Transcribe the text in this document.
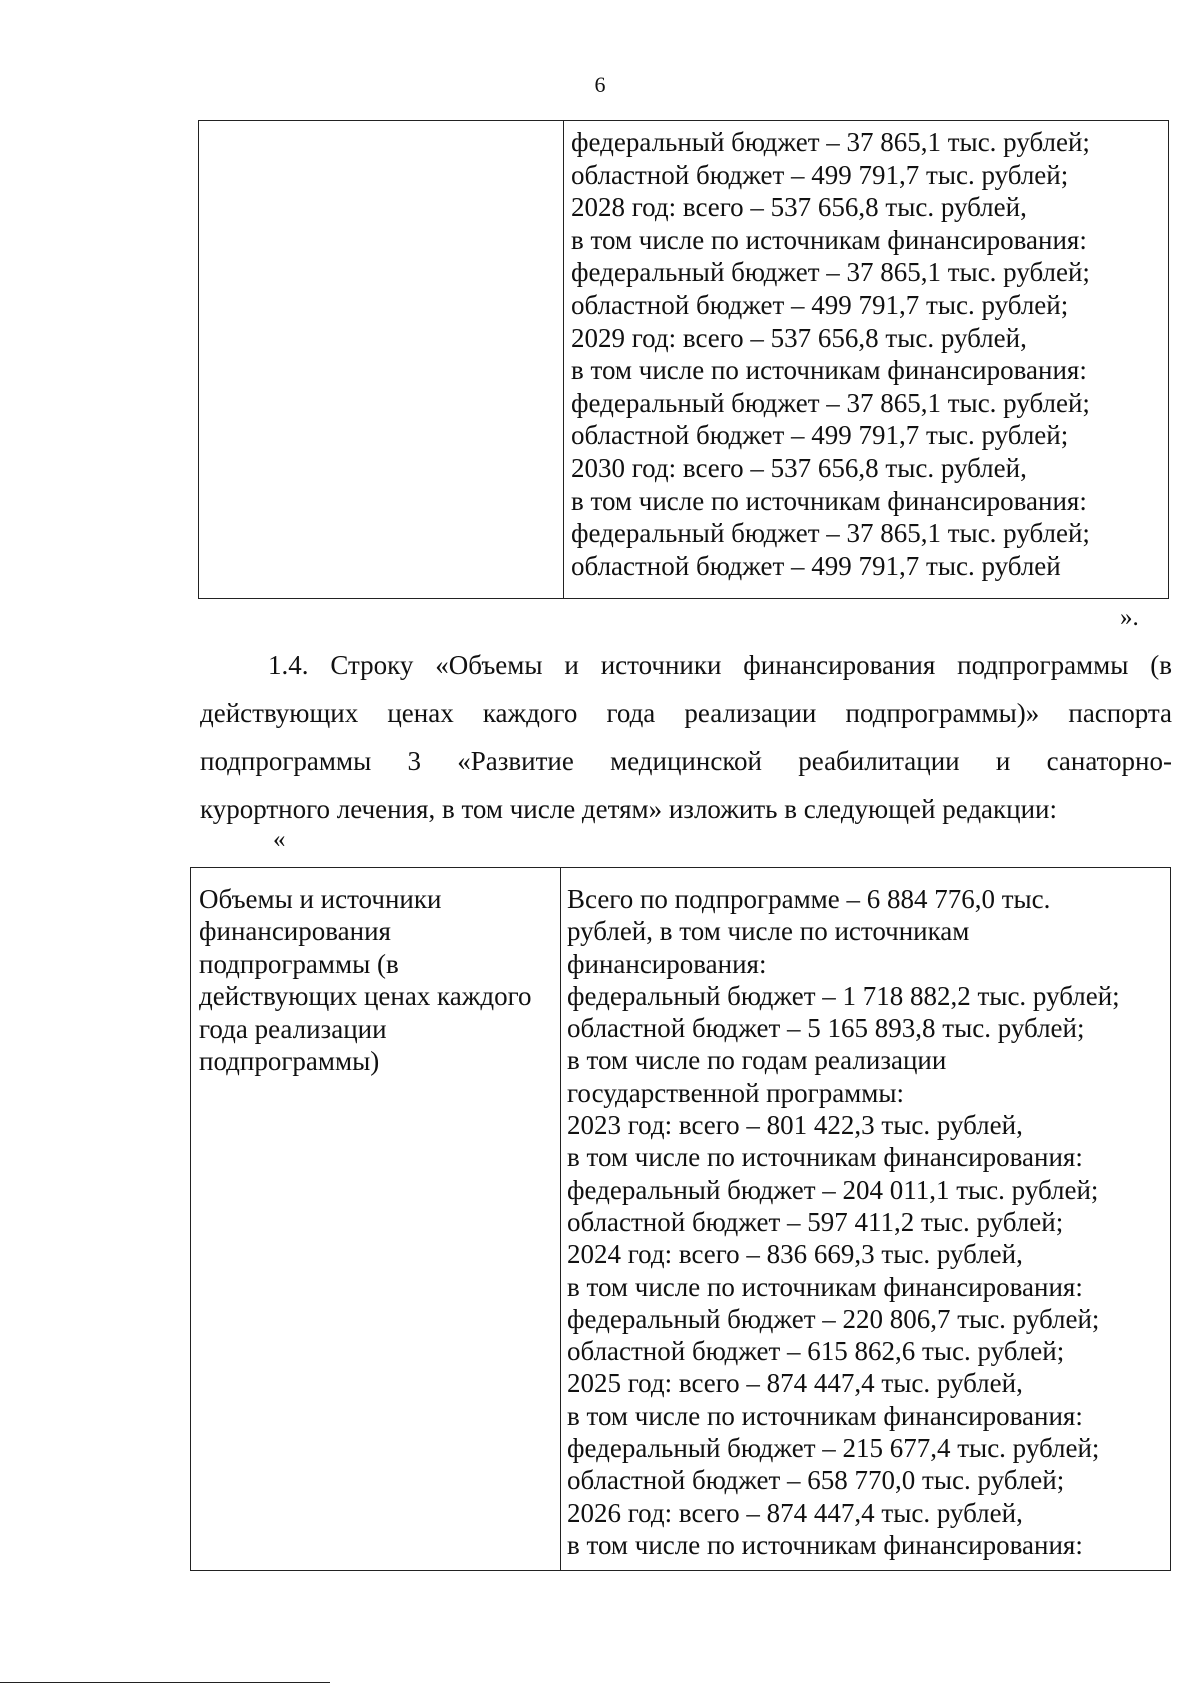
6
федеральный бюджет – 37 865,1 тыс. рублей;
областной бюджет – 499 791,7 тыс. рублей;
2028 год: всего – 537 656,8 тыс. рублей,
в том числе по источникам финансирования:
федеральный бюджет – 37 865,1 тыс. рублей;
областной бюджет – 499 791,7 тыс. рублей;
2029 год: всего – 537 656,8 тыс. рублей,
в том числе по источникам финансирования:
федеральный бюджет – 37 865,1 тыс. рублей;
областной бюджет – 499 791,7 тыс. рублей;
2030 год: всего – 537 656,8 тыс. рублей,
в том числе по источникам финансирования:
федеральный бюджет – 37 865,1 тыс. рублей;
областной бюджет – 499 791,7 тыс. рублей
».
1.4. Строку «Объемы и источники финансирования подпрограммы (в
действующих ценах каждого года реализации подпрограммы)» паспорта
подпрограммы 3 «Развитие медицинской реабилитации и санаторно-
курортного лечения, в том числе детям» изложить в следующей редакции:
«
Объемы и источники
финансирования
подпрограммы (в
действующих ценах каждого
года реализации
подпрограммы)
Всего по подпрограмме – 6 884 776,0 тыс.
рублей, в том числе по источникам
финансирования:
федеральный бюджет – 1 718 882,2 тыс. рублей;
областной бюджет – 5 165 893,8 тыс. рублей;
в том числе по годам реализации
государственной программы:
2023 год: всего – 801 422,3 тыс. рублей,
в том числе по источникам финансирования:
федеральный бюджет – 204 011,1 тыс. рублей;
областной бюджет – 597 411,2 тыс. рублей;
2024 год: всего – 836 669,3 тыс. рублей,
в том числе по источникам финансирования:
федеральный бюджет – 220 806,7 тыс. рублей;
областной бюджет – 615 862,6 тыс. рублей;
2025 год: всего – 874 447,4 тыс. рублей,
в том числе по источникам финансирования:
федеральный бюджет – 215 677,4 тыс. рублей;
областной бюджет – 658 770,0 тыс. рублей;
2026 год: всего – 874 447,4 тыс. рублей,
в том числе по источникам финансирования:
